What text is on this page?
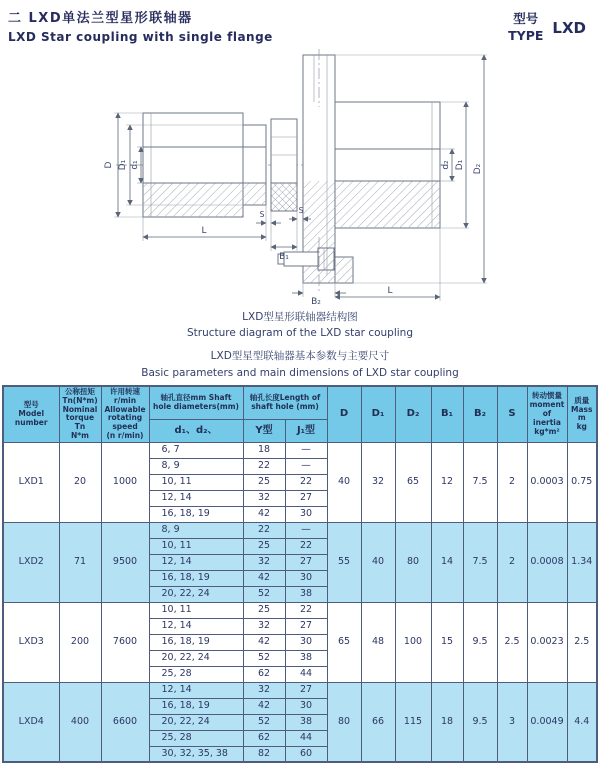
二 LXD单法兰型星形联轴器
LXD Star coupling with single flange
型号
TYPE LXD
D D₁ d₁	d₂ D₁ D₂
L
S
B₁
S
B₂
L
LXD型星形联轴器结构图
Structure diagram of the LXD star coupling
LXD型星型联轴器基本参数与主要尺寸
Basic parameters and main dimensions of LXD star coupling
型号
Model
number	公称扭矩
Tn(N*m)
Nominal
torque Tn
N*m	许用转速
r/min
Allowable
rotating
speed
(n r/min)	轴孔直径mm Shaft
hole diameters(mm)	轴孔长度Length of
shaft hole (mm)	D	D₁	D₂	B₁	B₂	S	转动惯量
moment
of
inertia
kg*m²	质量
Mass
m
kg
			d₁、d₂、	Y型	J₁型								
LXD1	20	1000	6, 7	18	—	40	32	65	12	7.5	2	0.0003	0.75
			8, 9	22	—								
			10, 11	25	22								
			12, 14	32	27								
			16, 18, 19	42	30								
LXD2	71	9500	8, 9	22	—	55	40	80	14	7.5	2	0.0008	1.34
			10, 11	25	22								
			12, 14	32	27								
			16, 18, 19	42	30								
			20, 22, 24	52	38								
LXD3	200	7600	10, 11	25	22	65	48	100	15	9.5	2.5	0.0023	2.5
			12, 14	32	27								
			16, 18, 19	42	30								
			20, 22, 24	52	38								
			25, 28	62	44								
LXD4	400	6600	12, 14	32	27	80	66	115	18	9.5	3	0.0049	4.4
			16, 18, 19	42	30								
			20, 22, 24	52	38								
			25, 28	62	44								
			30, 32, 35, 38	82	60								
